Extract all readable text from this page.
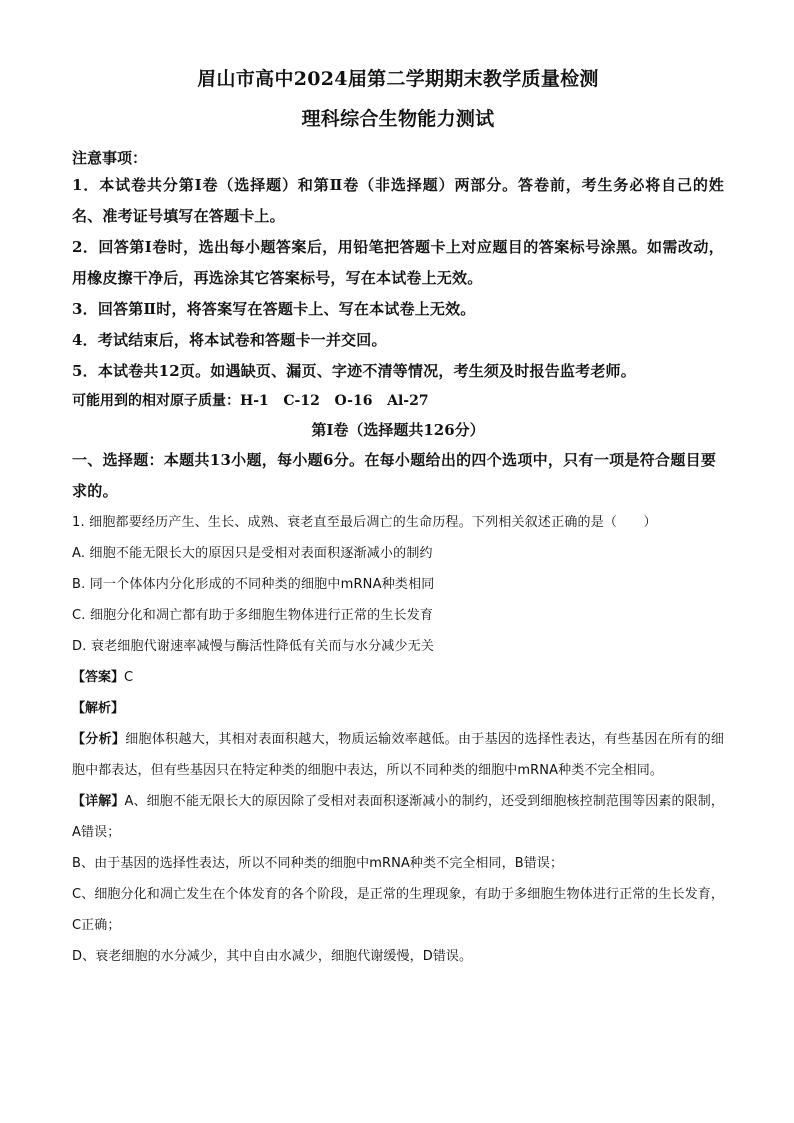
眉山市高中2024届第二学期期末教学质量检测
理科综合生物能力测试
注意事项：
1．本试卷共分第Ⅰ卷（选择题）和第Ⅱ卷（非选择题）两部分。答卷前，考生务必将自己的姓名、准考证号填写在答题卡上。
2．回答第Ⅰ卷时，选出每小题答案后，用铅笔把答题卡上对应题目的答案标号涂黑。如需改动，用橡皮擦干净后，再选涂其它答案标号，写在本试卷上无效。
3．回答第Ⅱ时，将答案写在答题卡上、写在本试卷上无效。
4．考试结束后，将本试卷和答题卡一并交回。
5．本试卷共12页。如遇缺页、漏页、字迹不清等情况，考生须及时报告监考老师。
可能用到的相对原子质量：H-1   C-12   O-16   Al-27
第Ⅰ卷（选择题共126分）
一、选择题：本题共13小题，每小题6分。在每小题给出的四个选项中，只有一项是符合题目要求的。
1. 细胞都要经历产生、生长、成熟、衰老直至最后凋亡的生命历程。下列相关叙述正确的是（　　）
A. 细胞不能无限长大的原因只是受相对表面积逐渐减小的制约
B. 同一个体体内分化形成的不同种类的细胞中mRNA种类相同
C. 细胞分化和凋亡都有助于多细胞生物体进行正常的生长发育
D. 衰老细胞代谢速率减慢与酶活性降低有关而与水分减少无关
【答案】C
【解析】
【分析】细胞体积越大，其相对表面积越大，物质运输效率越低。由于基因的选择性表达，有些基因在所有的细胞中都表达，但有些基因只在特定种类的细胞中表达，所以不同种类的细胞中mRNA种类不完全相同。
【详解】A、细胞不能无限长大的原因除了受相对表面积逐渐减小的制约，还受到细胞核控制范围等因素的限制，A错误；
B、由于基因的选择性表达，所以不同种类的细胞中mRNA种类不完全相同，B错误；
C、细胞分化和凋亡发生在个体发育的各个阶段，是正常的生理现象，有助于多细胞生物体进行正常的生长发育，C正确；
D、衰老细胞的水分减少，其中自由水减少，细胞代谢缓慢，D错误。
